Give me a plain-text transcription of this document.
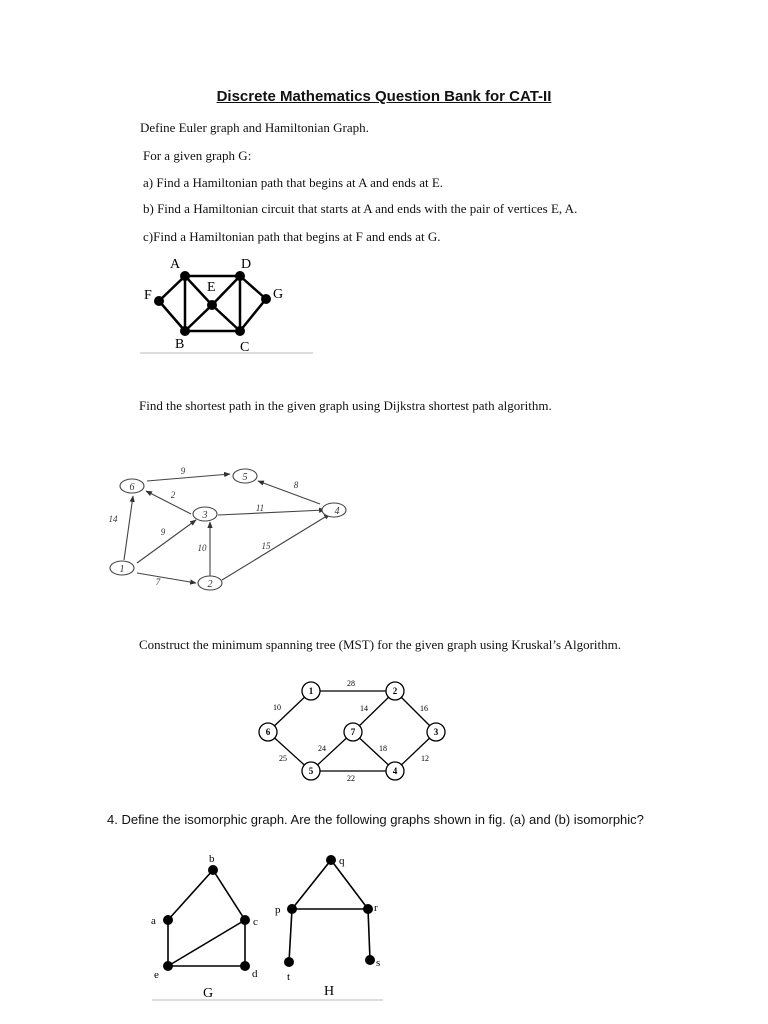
Discrete Mathematics Question Bank for CAT-II
Define Euler graph and Hamiltonian Graph.
For a given graph G:
a) Find a Hamiltonian path that begins at A and ends at E.
b) Find a Hamiltonian circuit that starts at A and ends with the pair of vertices E, A.
c)Find a Hamiltonian path that begins at F and ends at G.
A	D
F
E	G
B	C
6
5
3	4
1
2
9
2
8
11
14
9
10	15
7
1	2
3
4
5
6	7
28
10	14	16
24	18
25	12
22
b
a	c
e	d
q
p	r
t
s
G	H
Find the shortest path in the given graph using Dijkstra shortest path algorithm.
Construct the minimum spanning tree (MST) for the given graph using Kruskal’s Algorithm.
4. Define the isomorphic graph. Are the following graphs shown in fig. (a) and (b) isomorphic?
